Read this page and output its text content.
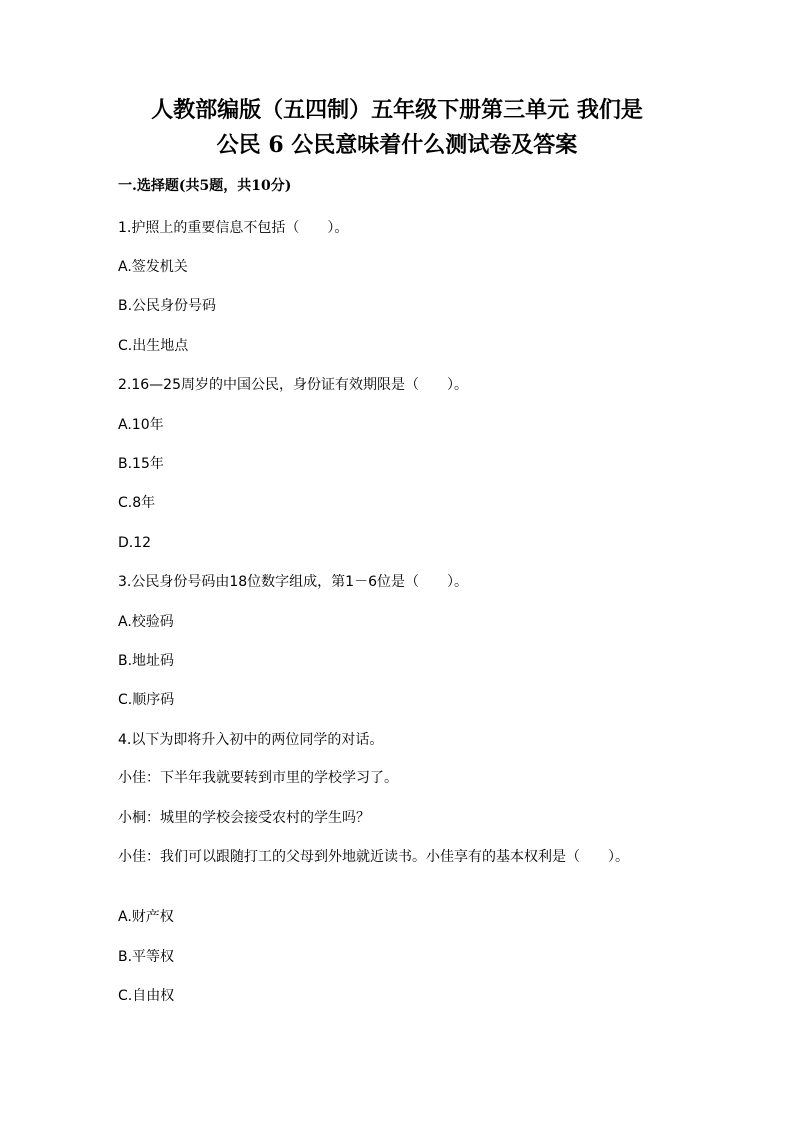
人教部编版（五四制）五年级下册第三单元 我们是
公民 6 公民意味着什么测试卷及答案
一.选择题(共5题，共10分)
1.护照上的重要信息不包括（　　）。
A.签发机关
B.公民身份号码
C.出生地点
2.16—25周岁的中国公民，身份证有效期限是（　　）。
A.10年
B.15年
C.8年
D.12
3.公民身份号码由18位数字组成，第1－6位是（　　）。
A.校验码
B.地址码
C.顺序码
4.以下为即将升入初中的两位同学的对话。
小佳：下半年我就要转到市里的学校学习了。
小桐：城里的学校会接受农村的学生吗？
小佳：我们可以跟随打工的父母到外地就近读书。小佳享有的基本权利是（　　）。
A.财产权
B.平等权
C.自由权
